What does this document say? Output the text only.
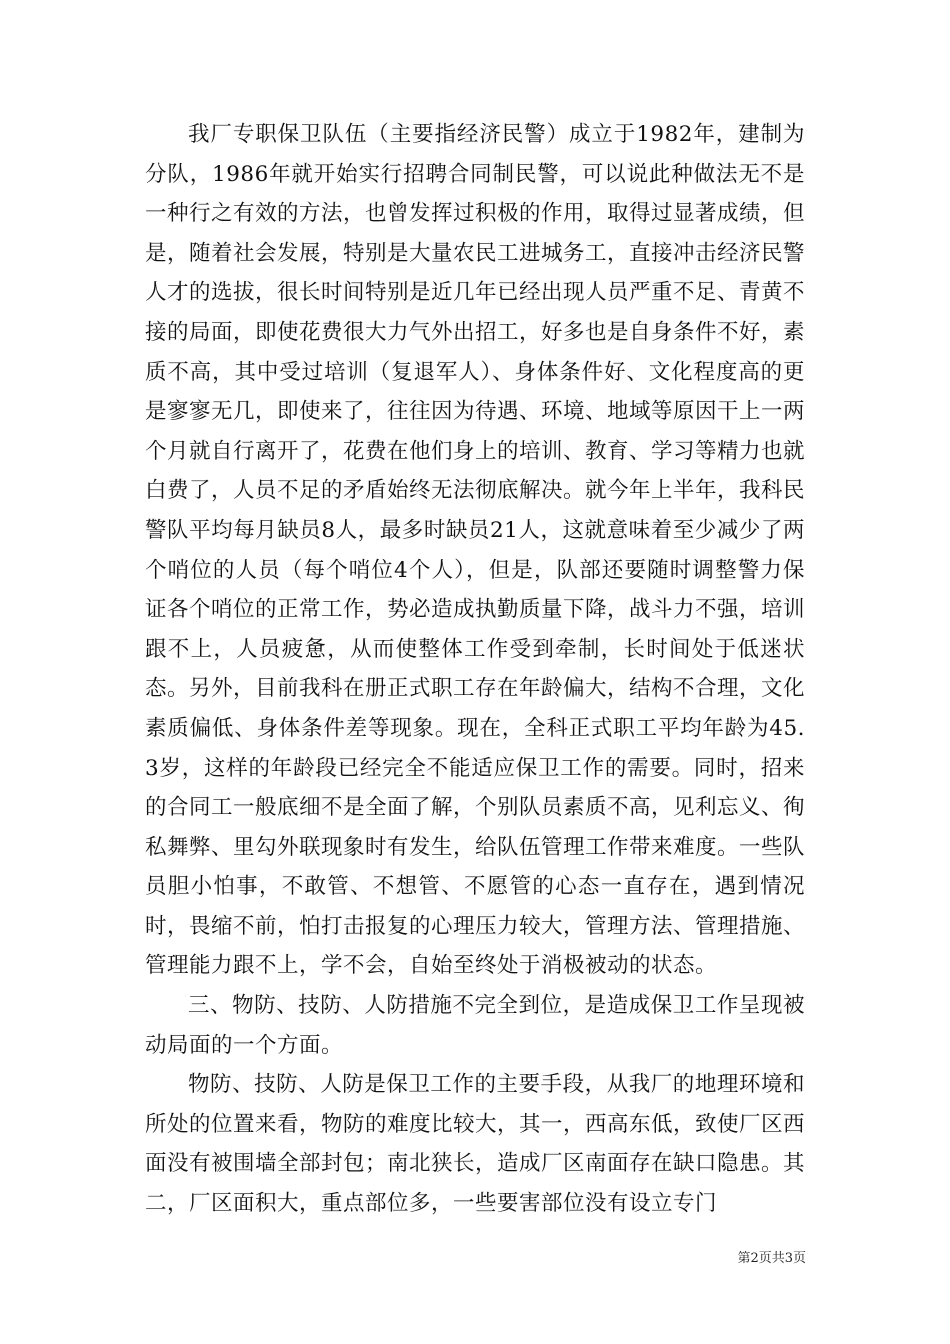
我厂专职保卫队伍（主要指经济民警）成立于1982年，建制为分队，1986年就开始实行招聘合同制民警，可以说此种做法无不是一种行之有效的方法，也曾发挥过积极的作用，取得过显著成绩，但是，随着社会发展，特别是大量农民工进城务工，直接冲击经济民警人才的选拔，很长时间特别是近几年已经出现人员严重不足、青黄不接的局面，即使花费很大力气外出招工，好多也是自身条件不好，素质不高，其中受过培训（复退军人）、身体条件好、文化程度高的更是寥寥无几，即使来了，往往因为待遇、环境、地域等原因干上一两个月就自行离开了，花费在他们身上的培训、教育、学习等精力也就白费了，人员不足的矛盾始终无法彻底解决。就今年上半年，我科民警队平均每月缺员8人，最多时缺员21人，这就意味着至少减少了两个哨位的人员（每个哨位4个人），但是，队部还要随时调整警力保证各个哨位的正常工作，势必造成执勤质量下降，战斗力不强，培训跟不上，人员疲惫，从而使整体工作受到牵制，长时间处于低迷状态。另外，目前我科在册正式职工存在年龄偏大，结构不合理，文化素质偏低、身体条件差等现象。现在，全科正式职工平均年龄为45.3岁，这样的年龄段已经完全不能适应保卫工作的需要。同时，招来的合同工一般底细不是全面了解，个别队员素质不高，见利忘义、徇私舞弊、里勾外联现象时有发生，给队伍管理工作带来难度。一些队员胆小怕事，不敢管、不想管、不愿管的心态一直存在，遇到情况时，畏缩不前，怕打击报复的心理压力较大，管理方法、管理措施、管理能力跟不上，学不会，自始至终处于消极被动的状态。

三、物防、技防、人防措施不完全到位，是造成保卫工作呈现被动局面的一个方面。

物防、技防、人防是保卫工作的主要手段，从我厂的地理环境和所处的位置来看，物防的难度比较大，其一，西高东低，致使厂区西面没有被围墙全部封包；南北狭长，造成厂区南面存在缺口隐患。其二，厂区面积大，重点部位多，一些要害部位没有设立专门

第2页共3页
